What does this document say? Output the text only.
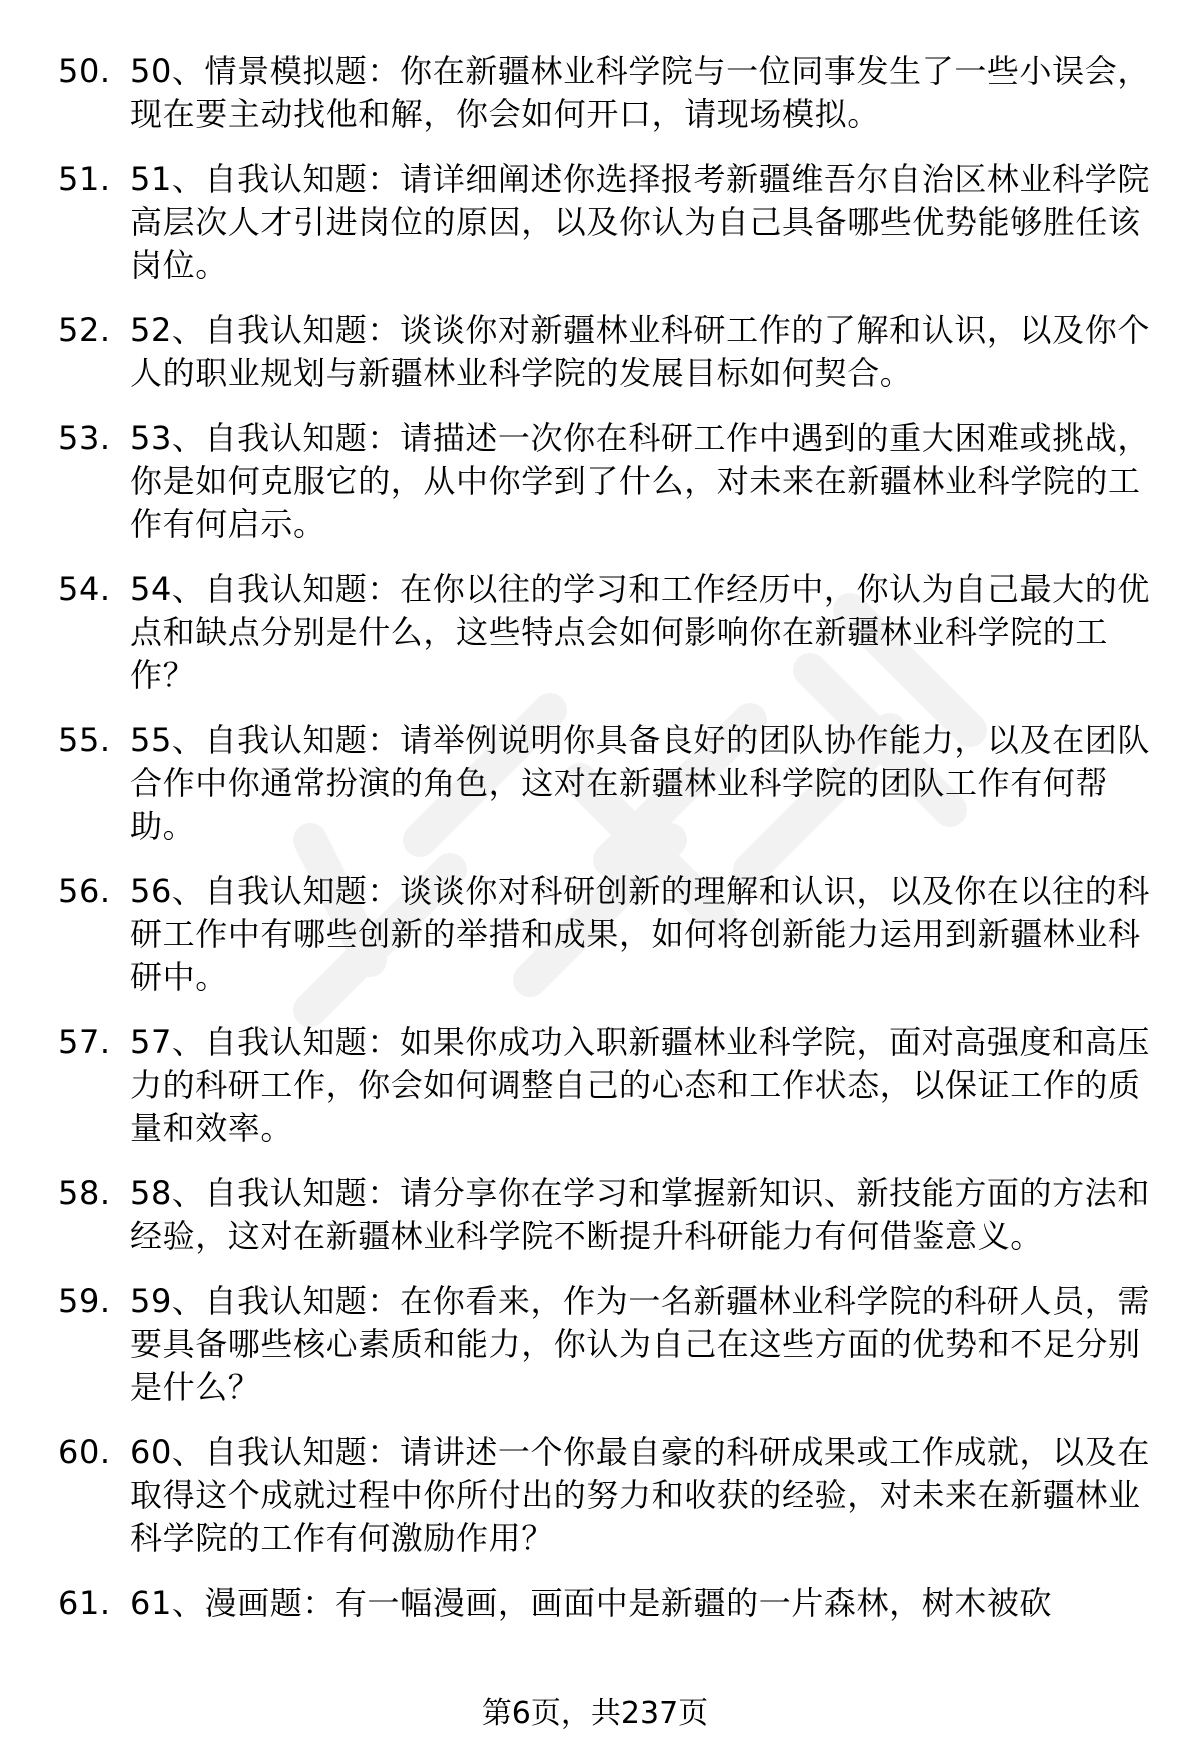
50. 50、情景模拟题：你在新疆林业科学院与一位同事发生了一些小误会，现在要主动找他和解，你会如何开口，请现场模拟。
51. 51、自我认知题：请详细阐述你选择报考新疆维吾尔自治区林业科学院高层次人才引进岗位的原因，以及你认为自己具备哪些优势能够胜任该岗位。
52. 52、自我认知题：谈谈你对新疆林业科研工作的了解和认识，以及你个人的职业规划与新疆林业科学院的发展目标如何契合。
53. 53、自我认知题：请描述一次你在科研工作中遇到的重大困难或挑战，你是如何克服它的，从中你学到了什么，对未来在新疆林业科学院的工作有何启示。
54. 54、自我认知题：在你以往的学习和工作经历中，你认为自己最大的优点和缺点分别是什么，这些特点会如何影响你在新疆林业科学院的工作？
55. 55、自我认知题：请举例说明你具备良好的团队协作能力，以及在团队合作中你通常扮演的角色，这对在新疆林业科学院的团队工作有何帮助。
56. 56、自我认知题：谈谈你对科研创新的理解和认识，以及你在以往的科研工作中有哪些创新的举措和成果，如何将创新能力运用到新疆林业科研中。
57. 57、自我认知题：如果你成功入职新疆林业科学院，面对高强度和高压力的科研工作，你会如何调整自己的心态和工作状态，以保证工作的质量和效率。
58. 58、自我认知题：请分享你在学习和掌握新知识、新技能方面的方法和经验，这对在新疆林业科学院不断提升科研能力有何借鉴意义。
59. 59、自我认知题：在你看来，作为一名新疆林业科学院的科研人员，需要具备哪些核心素质和能力，你认为自己在这些方面的优势和不足分别是什么？
60. 60、自我认知题：请讲述一个你最自豪的科研成果或工作成就，以及在取得这个成就过程中你所付出的努力和收获的经验，对未来在新疆林业科学院的工作有何激励作用？
61. 61、漫画题：有一幅漫画，画面中是新疆的一片森林，树木被砍
第6页，共237页
